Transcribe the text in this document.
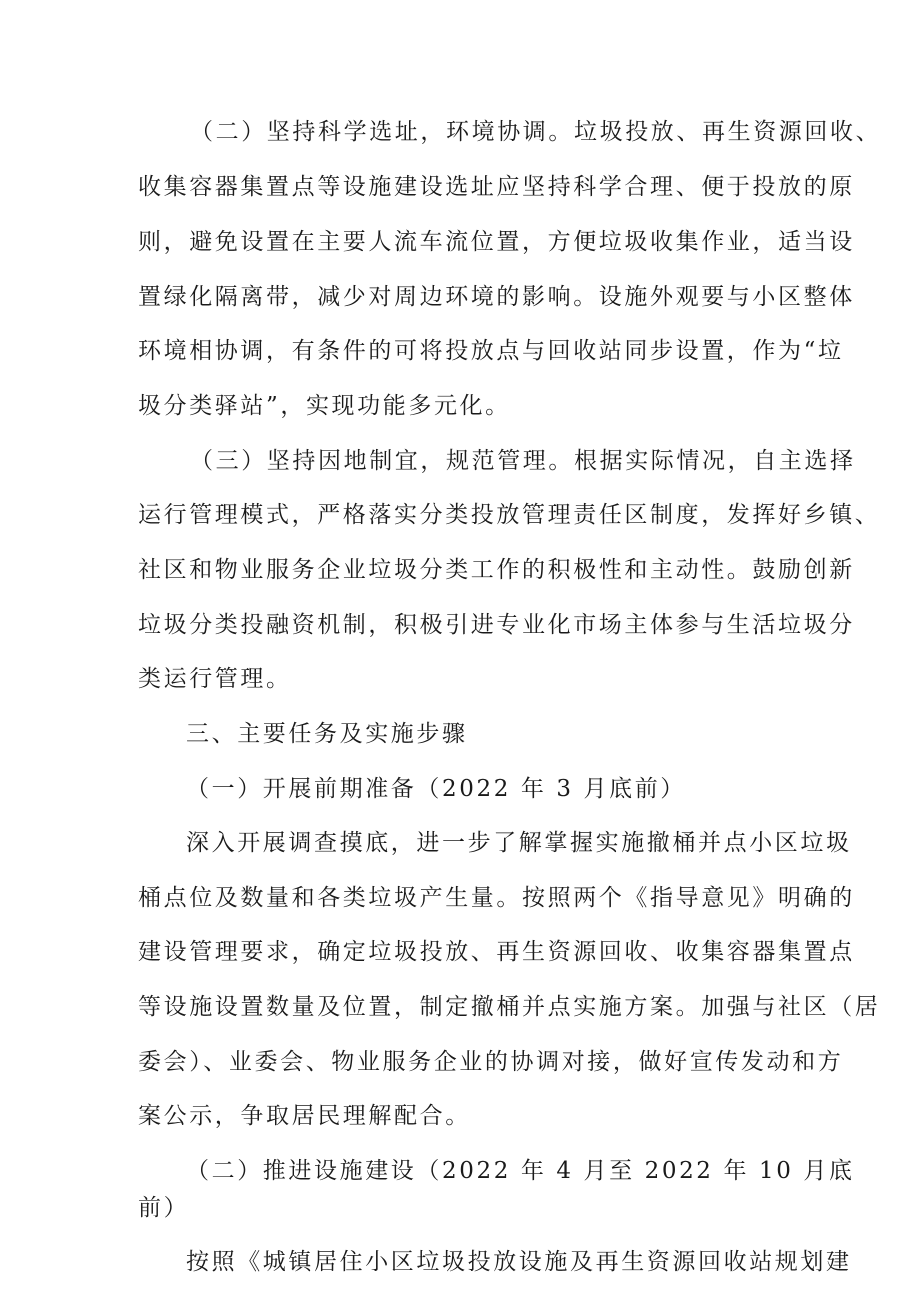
（二）坚持科学选址，环境协调。垃圾投放、再生资源回收、
收集容器集置点等设施建设选址应坚持科学合理、便于投放的原
则，避免设置在主要人流车流位置，方便垃圾收集作业，适当设
置绿化隔离带，减少对周边环境的影响。设施外观要与小区整体
环境相协调，有条件的可将投放点与回收站同步设置，作为“垃
圾分类驿站”，实现功能多元化。
（三）坚持因地制宜，规范管理。根据实际情况，自主选择
运行管理模式，严格落实分类投放管理责任区制度，发挥好乡镇、
社区和物业服务企业垃圾分类工作的积极性和主动性。鼓励创新
垃圾分类投融资机制，积极引进专业化市场主体参与生活垃圾分
类运行管理。
三、主要任务及实施步骤
（一）开展前期准备（2022 年 3 月底前）
深入开展调查摸底，进一步了解掌握实施撤桶并点小区垃圾
桶点位及数量和各类垃圾产生量。按照两个《指导意见》明确的
建设管理要求，确定垃圾投放、再生资源回收、收集容器集置点
等设施设置数量及位置，制定撤桶并点实施方案。加强与社区（居
委会）、业委会、物业服务企业的协调对接，做好宣传发动和方
案公示，争取居民理解配合。
（二）推进设施建设（2022 年 4 月至 2022 年 10 月底
前）
按照《城镇居住小区垃圾投放设施及再生资源回收站规划建
